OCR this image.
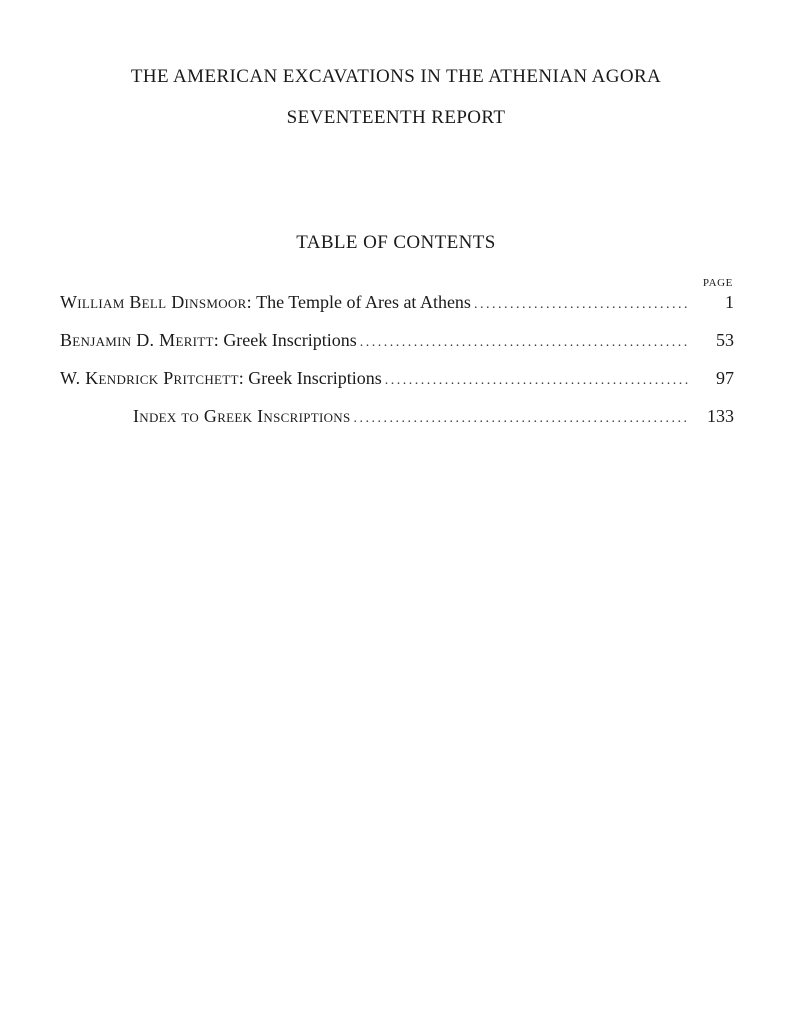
THE AMERICAN EXCAVATIONS IN THE ATHENIAN AGORA
SEVENTEENTH REPORT
TABLE OF CONTENTS
PAGE
William Bell Dinsmoor : The Temple of Ares at Athens . . .	1
Benjamin D. Meritt : Greek Inscriptions . . .	53
W. Kendrick Pritchett : Greek Inscriptions . . .	97
Index to Greek Inscriptions . . .	133
